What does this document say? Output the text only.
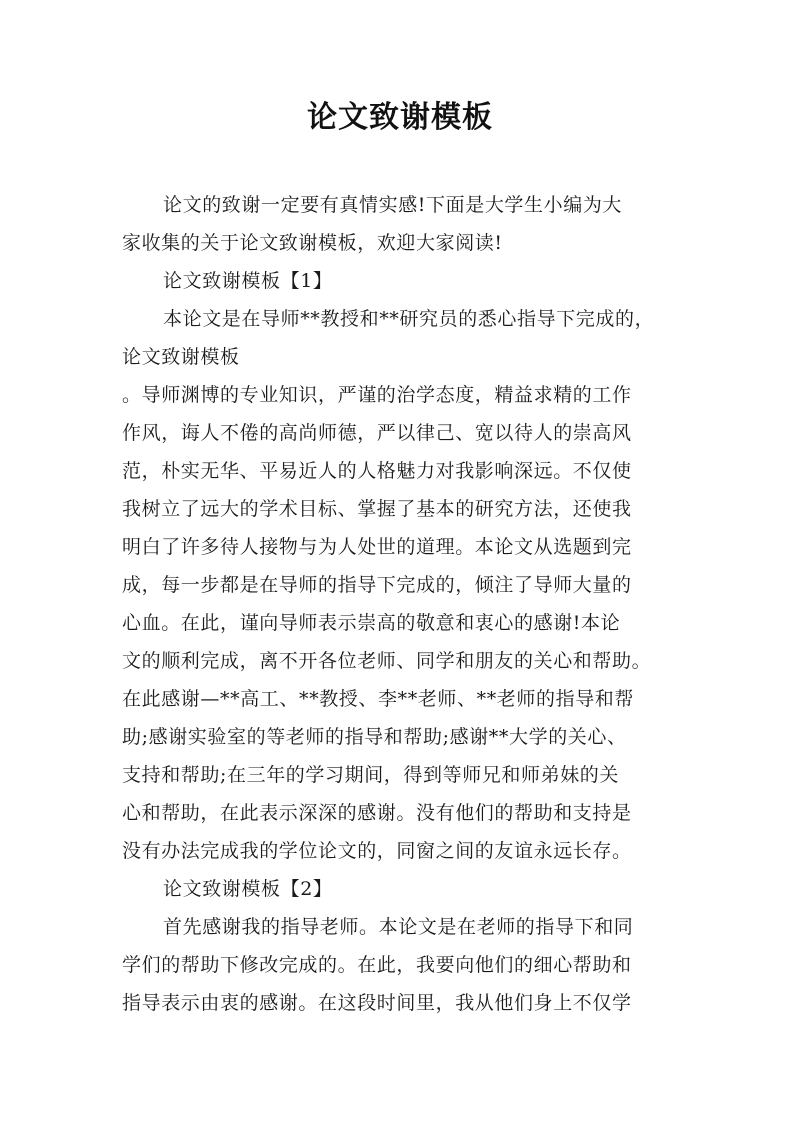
论文致谢模板
论文的致谢一定要有真情实感!下面是大学生小编为大
家收集的关于论文致谢模板，欢迎大家阅读!
论文致谢模板【1】
本论文是在导师**教授和**研究员的悉心指导下完成的，
论文致谢模板
。导师渊博的专业知识，严谨的治学态度，精益求精的工作
作风，诲人不倦的高尚师德，严以律己、宽以待人的崇高风
范，朴实无华、平易近人的人格魅力对我影响深远。不仅使
我树立了远大的学术目标、掌握了基本的研究方法，还使我
明白了许多待人接物与为人处世的道理。本论文从选题到完
成，每一步都是在导师的指导下完成的，倾注了导师大量的
心血。在此，谨向导师表示崇高的敬意和衷心的感谢!本论
文的顺利完成，离不开各位老师、同学和朋友的关心和帮助。
在此感谢—**高工、**教授、李**老师、**老师的指导和帮
助;感谢实验室的等老师的指导和帮助;感谢**大学的关心、
支持和帮助;在三年的学习期间，得到等师兄和师弟妹的关
心和帮助，在此表示深深的感谢。没有他们的帮助和支持是
没有办法完成我的学位论文的，同窗之间的友谊永远长存。
论文致谢模板【2】
首先感谢我的指导老师。本论文是在老师的指导下和同
学们的帮助下修改完成的。在此，我要向他们的细心帮助和
指导表示由衷的感谢。在这段时间里，我从他们身上不仅学
